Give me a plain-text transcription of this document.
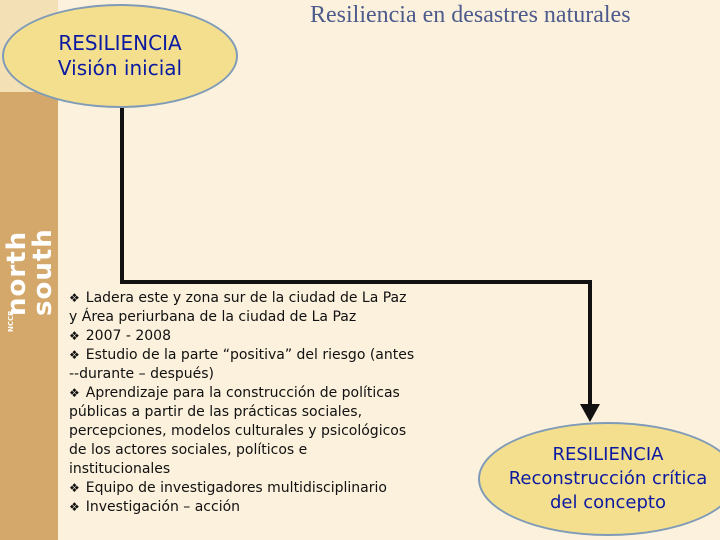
NCCR
north
south
RESILIENCIA
Visión inicial
Resiliencia en desastres naturales
❖ Ladera este y zona sur de la ciudad de La Paz
y Área periurbana de la ciudad de La Paz
❖ 2007 - 2008
❖ Estudio de la parte “positiva” del riesgo (antes
--durante – después)
❖ Aprendizaje para la construcción de políticas
públicas a partir de las prácticas sociales,
percepciones, modelos culturales y psicológicos
de los actores sociales, políticos e
institucionales
❖ Equipo de investigadores multidisciplinario
❖ Investigación – acción
RESILIENCIA
Reconstrucción crítica
del concepto
